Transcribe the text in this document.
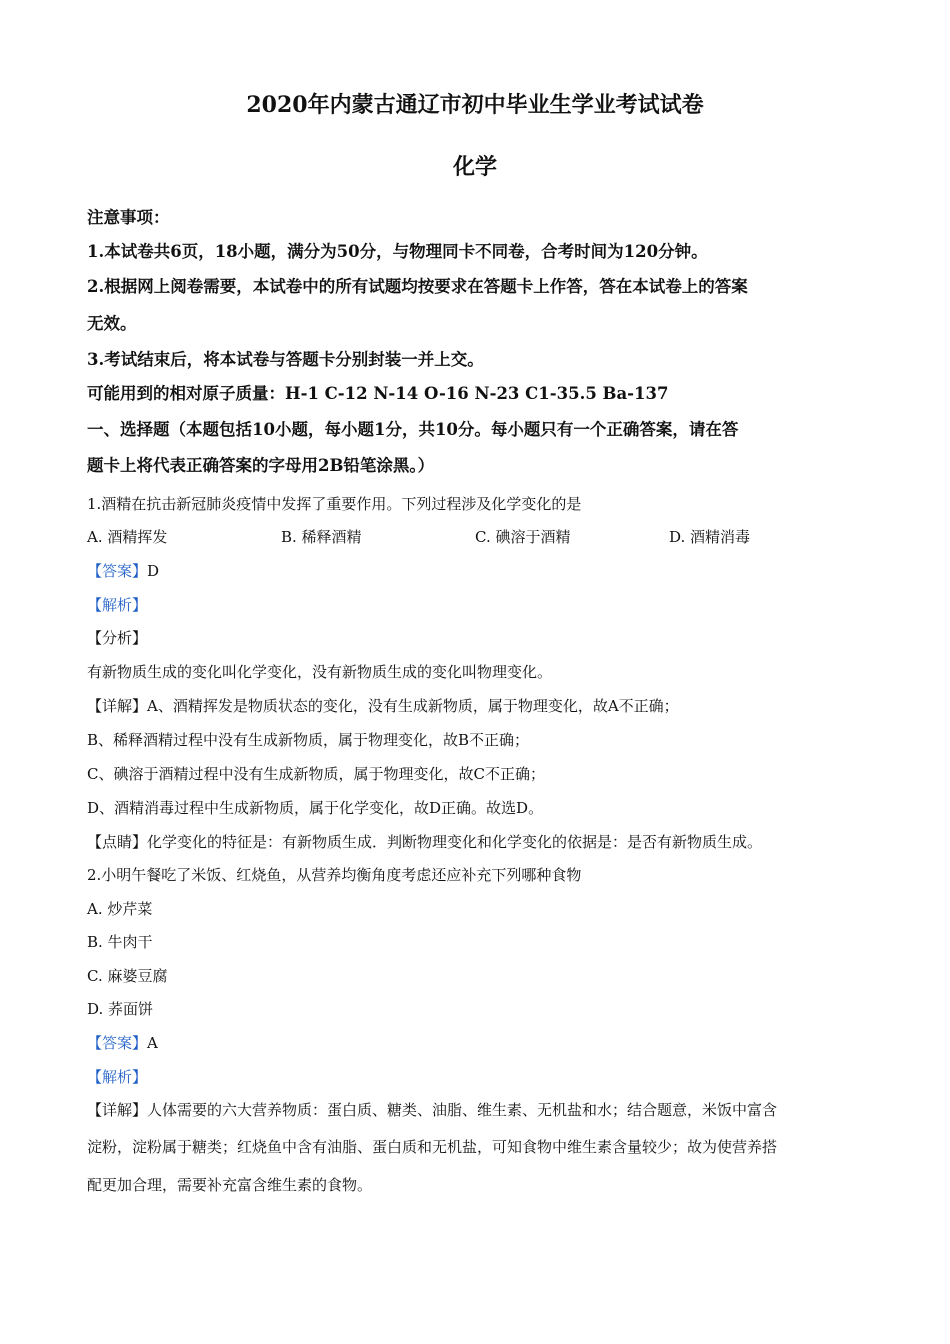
2020年内蒙古通辽市初中毕业生学业考试试卷
化学
注意事项：
1.本试卷共6页，18小题，满分为50分，与物理同卡不同卷，合考时间为120分钟。
2.根据网上阅卷需要，本试卷中的所有试题均按要求在答题卡上作答，答在本试卷上的答案
无效。
3.考试结束后，将本试卷与答题卡分别封装一并上交。
可能用到的相对原子质量：H-1 C-12 N-14 O-16 N-23 C1-35.5 Ba-137
一、选择题（本题包括10小题，每小题1分，共10分。每小题只有一个正确答案，请在答
题卡上将代表正确答案的字母用2B铅笔涂黑。）
1.酒精在抗击新冠肺炎疫情中发挥了重要作用。下列过程涉及化学变化的是
A. 酒精挥发	B. 稀释酒精	C. 碘溶于酒精	D. 酒精消毒
【答案】D
【解析】
【分析】
有新物质生成的变化叫化学变化，没有新物质生成的变化叫物理变化。
【详解】A、酒精挥发是物质状态的变化，没有生成新物质，属于物理变化，故A不正确；
B、稀释酒精过程中没有生成新物质，属于物理变化，故B不正确；
C、碘溶于酒精过程中没有生成新物质，属于物理变化，故C不正确；
D、酒精消毒过程中生成新物质，属于化学变化，故D正确。故选D。
【点睛】化学变化的特征是：有新物质生成．判断物理变化和化学变化的依据是：是否有新物质生成。
2.小明午餐吃了米饭、红烧鱼，从营养均衡角度考虑还应补充下列哪种食物
A. 炒芹菜
B. 牛肉干
C. 麻婆豆腐
D. 荞面饼
【答案】A
【解析】
【详解】人体需要的六大营养物质：蛋白质、糖类、油脂、维生素、无机盐和水；结合题意，米饭中富含
淀粉，淀粉属于糖类；红烧鱼中含有油脂、蛋白质和无机盐，可知食物中维生素含量较少；故为使营养搭
配更加合理，需要补充富含维生素的食物。
